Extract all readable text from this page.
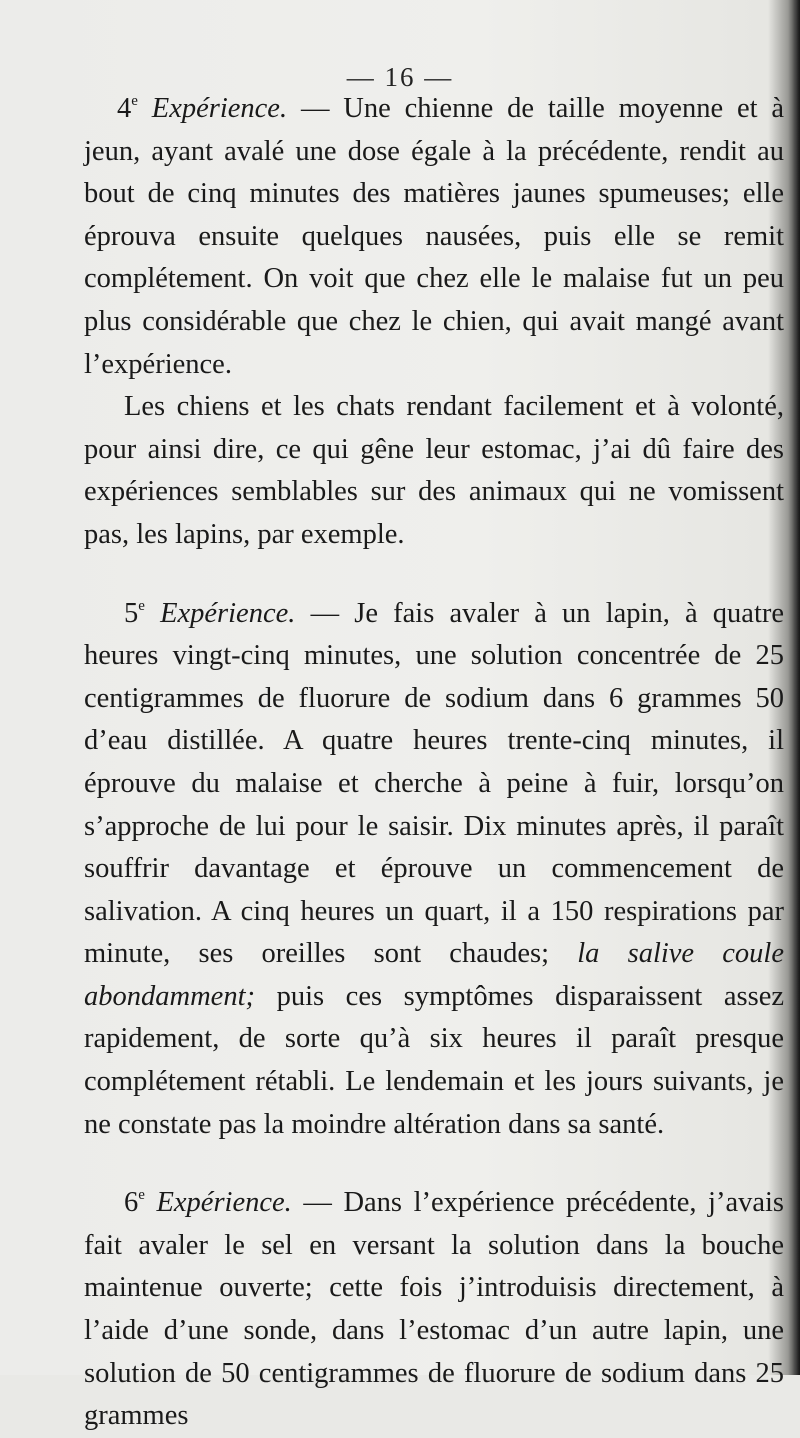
— 16 —

4e Expérience. — Une chienne de taille moyenne et à jeun, ayant avalé une dose égale à la précédente, rendit au bout de cinq minutes des matières jaunes spumeuses; elle éprouva ensuite quelques nausées, puis elle se remit complétement. On voit que chez elle le malaise fut un peu plus considérable que chez le chien, qui avait mangé avant l’expérience.

Les chiens et les chats rendant facilement et à volonté, pour ainsi dire, ce qui gêne leur estomac, j’ai dû faire des expériences semblables sur des animaux qui ne vomissent pas, les lapins, par exemple.

5e Expérience. — Je fais avaler à un lapin, à quatre heures vingt-cinq minutes, une solution concentrée de 25 centigrammes de fluorure de sodium dans 6 grammes 50 d’eau distillée. A quatre heures trente-cinq minutes, il éprouve du malaise et cherche à peine à fuir, lorsqu’on s’approche de lui pour le saisir. Dix minutes après, il paraît souffrir davantage et éprouve un commencement de salivation. A cinq heures un quart, il a 150 respirations par minute, ses oreilles sont chaudes; la salive coule abondamment; puis ces symptômes disparaissent assez rapidement, de sorte qu’à six heures il paraît presque complétement rétabli. Le lendemain et les jours suivants, je ne constate pas la moindre altération dans sa santé.

6e Expérience. — Dans l’expérience précédente, j’avais fait avaler le sel en versant la solution dans la bouche maintenue ouverte; cette fois j’introduisis directement, à l’aide d’une sonde, dans l’estomac d’un autre lapin, une solution de 50 centigrammes de fluorure de sodium dans 25 grammes
